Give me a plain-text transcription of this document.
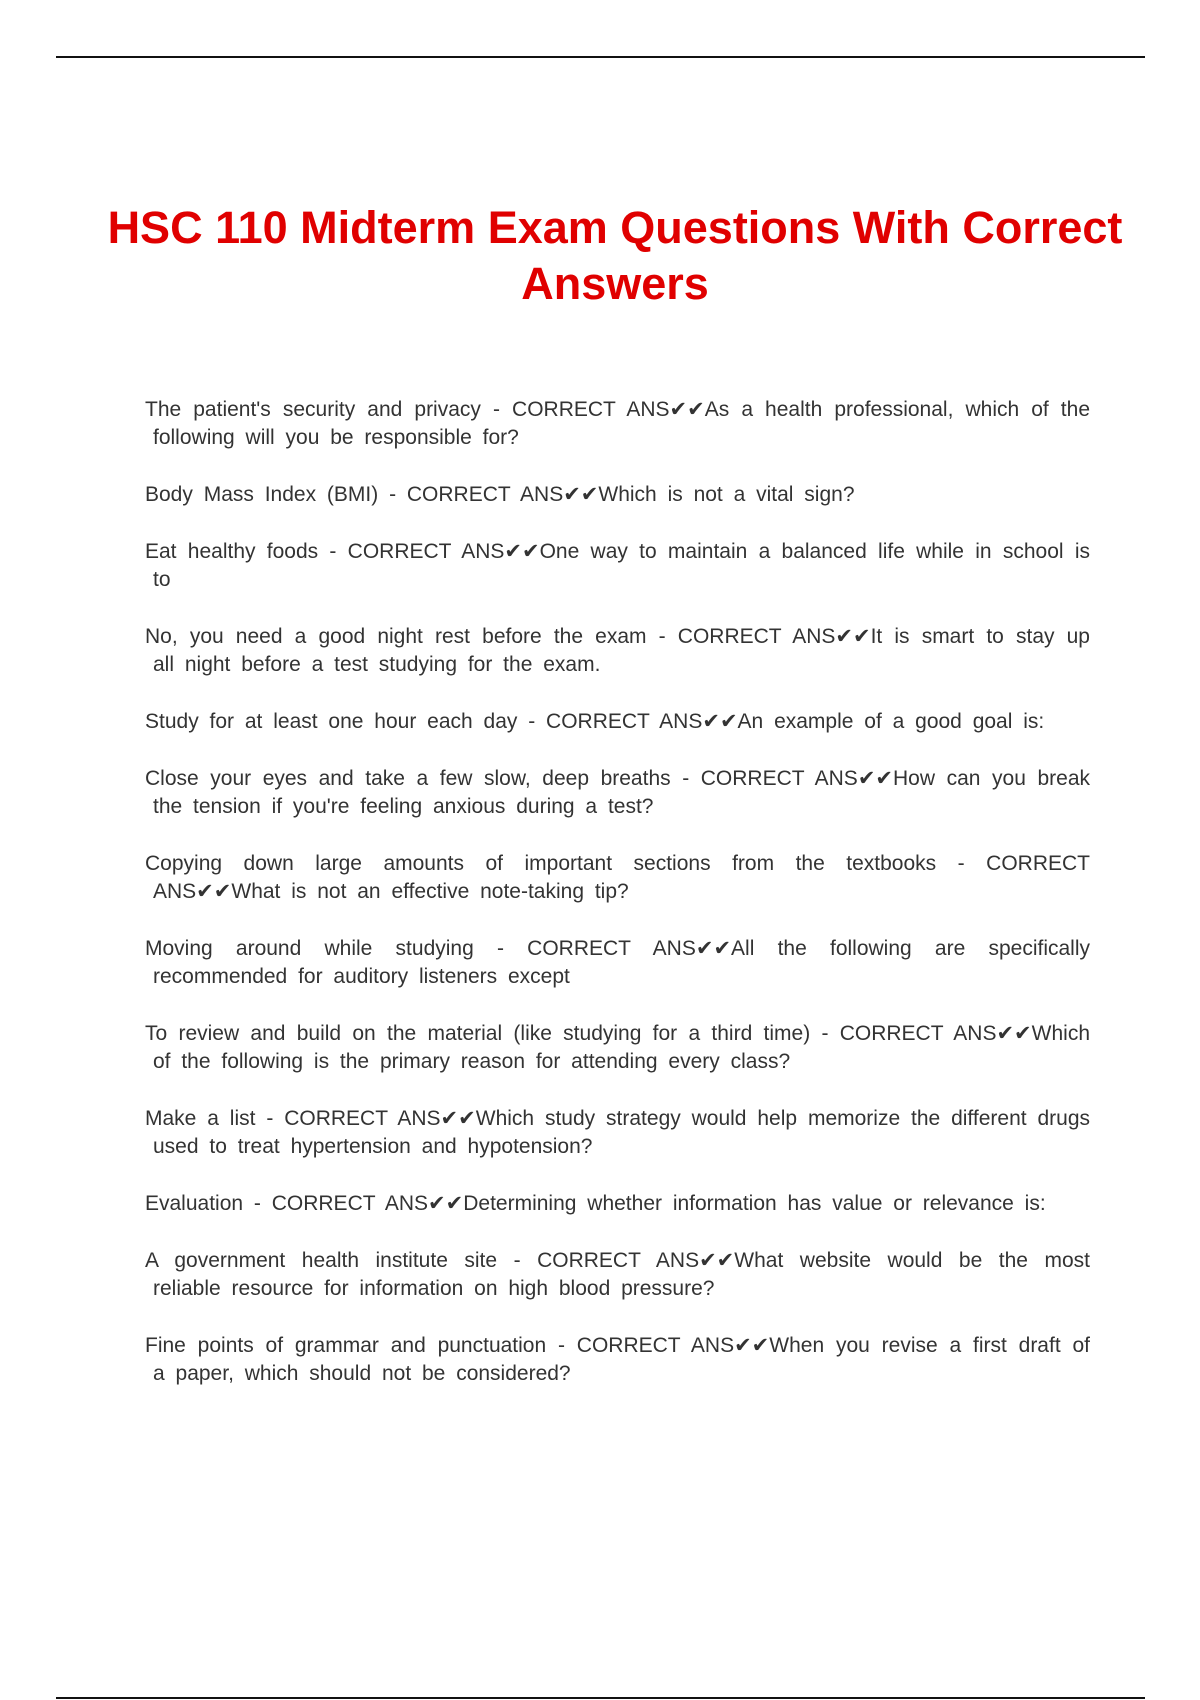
HSC 110 Midterm Exam Questions With Correct Answers

The patient's security and privacy - CORRECT ANS✔✔As a health professional, which of the following will you be responsible for?

Body Mass Index (BMI) - CORRECT ANS✔✔Which is not a vital sign?

Eat healthy foods - CORRECT ANS✔✔One way to maintain a balanced life while in school is to

No, you need a good night rest before the exam - CORRECT ANS✔✔It is smart to stay up all night before a test studying for the exam.

Study for at least one hour each day - CORRECT ANS✔✔An example of a good goal is:

Close your eyes and take a few slow, deep breaths - CORRECT ANS✔✔How can you break the tension if you're feeling anxious during a test?

Copying down large amounts of important sections from the textbooks - CORRECT ANS✔✔What is not an effective note-taking tip?

Moving around while studying - CORRECT ANS✔✔All the following are specifically recommended for auditory listeners except

To review and build on the material (like studying for a third time) - CORRECT ANS✔✔Which of the following is the primary reason for attending every class?

Make a list - CORRECT ANS✔✔Which study strategy would help memorize the different drugs used to treat hypertension and hypotension?

Evaluation - CORRECT ANS✔✔Determining whether information has value or relevance is:

A government health institute site - CORRECT ANS✔✔What website would be the most reliable resource for information on high blood pressure?

Fine points of grammar and punctuation - CORRECT ANS✔✔When you revise a first draft of a paper, which should not be considered?
